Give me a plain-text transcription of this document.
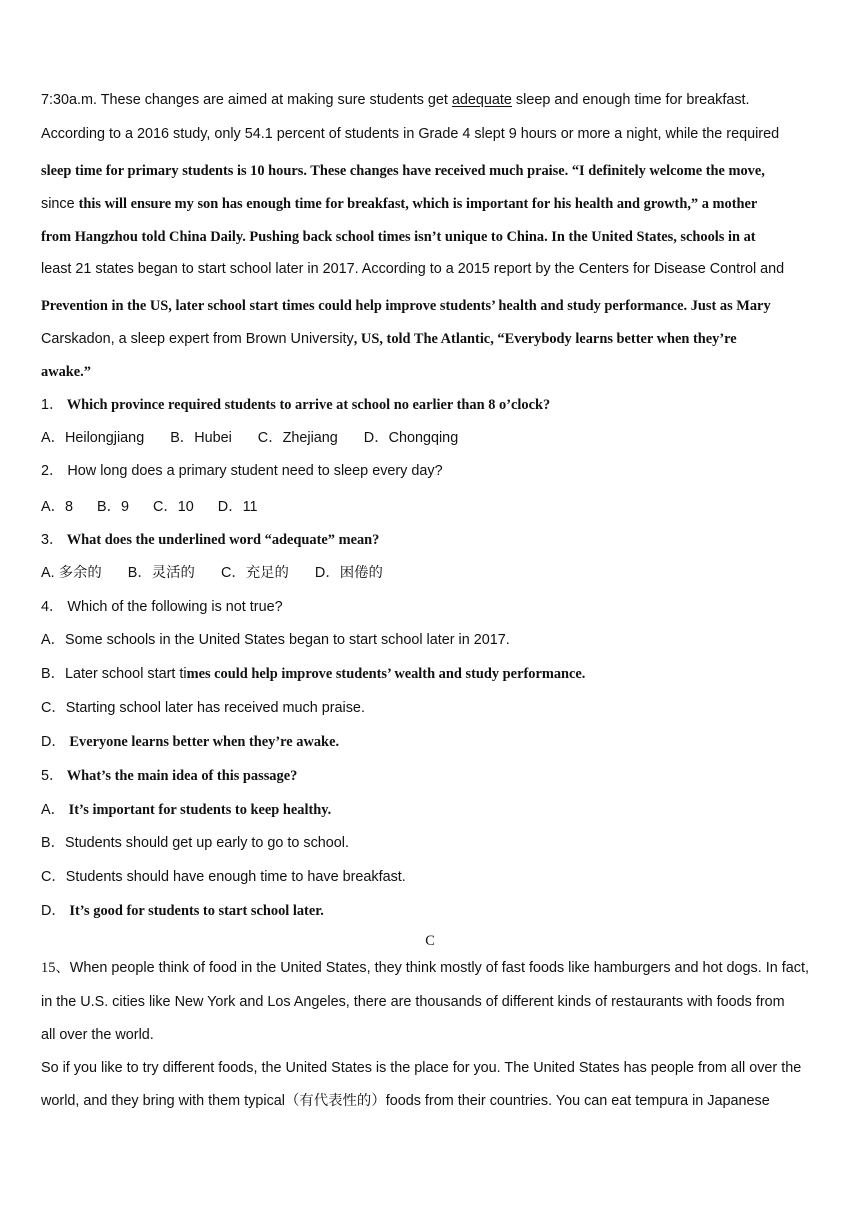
7:30a.m. These changes are aimed at making sure students get adequate sleep and enough time for breakfast.
According to a 2016 study, only 54.1 percent of students in Grade 4 slept 9 hours or more a night, while the required
sleep time for primary students is 10 hours. These changes have received much praise. “I definitely welcome the move,
since this will ensure my son has enough time for breakfast, which is important for his health and growth,” a mother
from Hangzhou told China Daily. Pushing back school times isn’t unique to China. In the United States, schools in at
least 21 states began to start school later in 2017. According to a 2015 report by the Centers for Disease Control and
Prevention in the US, later school start times could help improve students’ health and study performance. Just as Mary
Carskadon, a sleep expert from Brown University, US, told The Atlantic, “Everybody learns better when they’re
awake.”
1． Which province required students to arrive at school no earlier than 8 o’clock?
A．Heilongjiang B．Hubei C．Zhejiang D．Chongqing
2． How long does a primary student need to sleep every day?
A．8 B．9 C．10 D．11
3． What does the underlined word “adequate” mean?
A. 多余的 B．灵活的 C．充足的 D．困倦的
4． Which of the following is not true?
A．Some schools in the United States began to start school later in 2017.
B．Later school start times could help improve students’ wealth and study performance.
C．Starting school later has received much praise.
D． Everyone learns better when they’re awake.
5． What’s the main idea of this passage?
A． It’s important for students to keep healthy.
B．Students should get up early to go to school.
C．Students should have enough time to have breakfast.
D． It’s good for students to start school later.
C
15、When people think of food in the United States, they think mostly of fast foods like hamburgers and hot dogs. In fact,
in the U.S. cities like New York and Los Angeles, there are thousands of different kinds of restaurants with foods from
all over the world.
So if you like to try different foods, the United States is the place for you. The United States has people from all over the
world, and they bring with them typical（有代表性的）foods from their countries. You can eat tempura in Japanese
